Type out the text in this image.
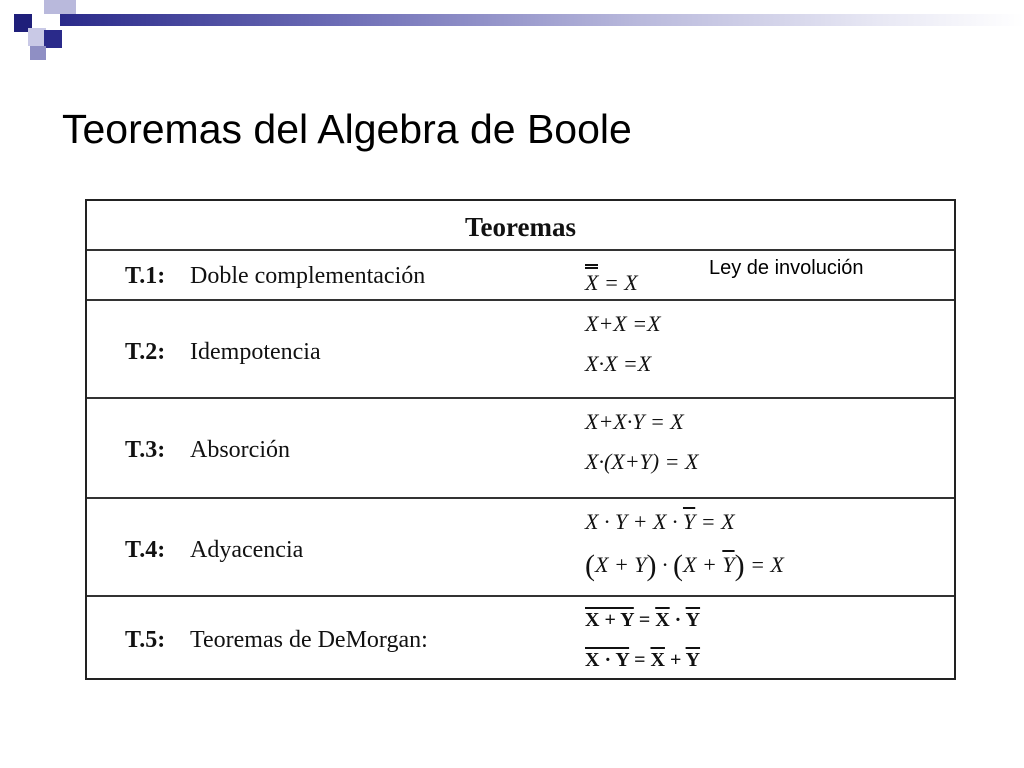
Teoremas del Algebra de Boole
Teoremas
T.1: Doble complementación	X = X
Ley de involución
T.2: Idempotencia
X+X =X
X·X =X
T.3: Absorción
X+X·Y = X
X·(X+Y) = X
T.4: Adyacencia
$X \cdot Y + X \cdot \overline{Y} = X$
$(X + Y) \cdot (X + \overline{Y}) = X$
T.5: Teoremas de DeMorgan:
$X + Y = \overline{X} \cdot \overline{Y}$
$X \cdot Y = \overline{X} + \overline{Y}$
